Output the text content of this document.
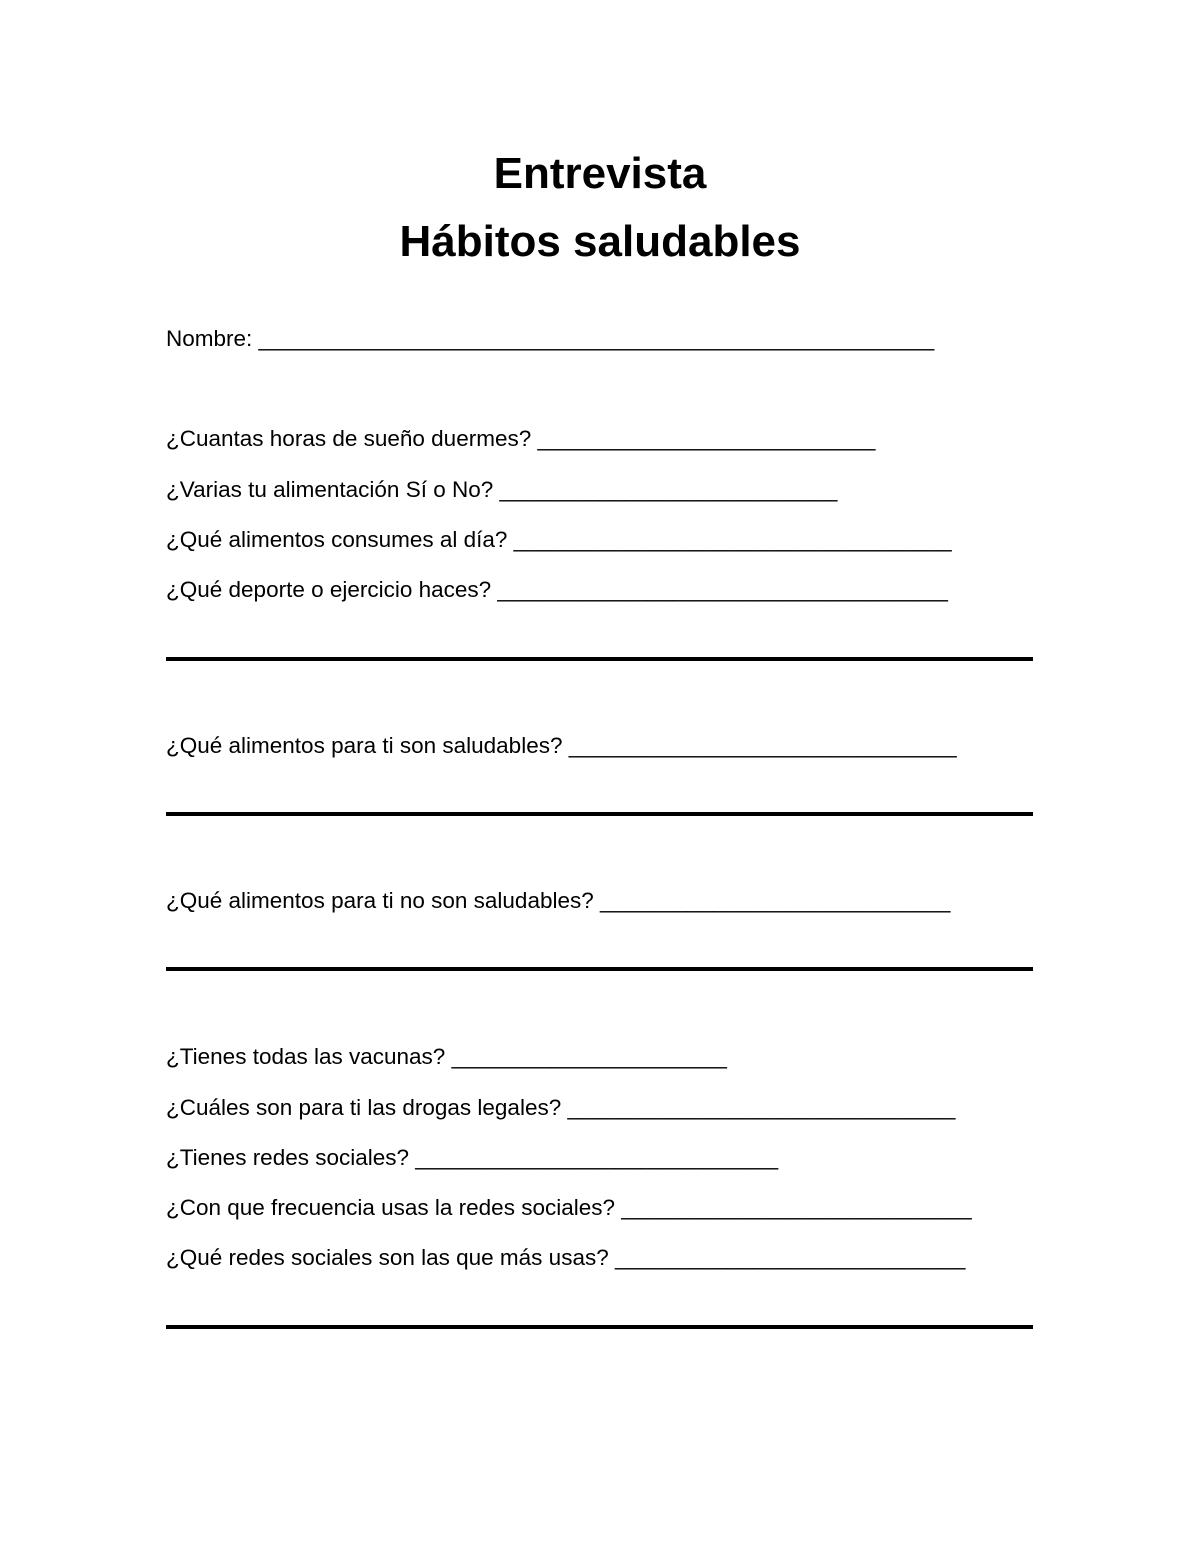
Entrevista
Hábitos saludables
Nombre: ______________________________________________________
¿Cuantas horas de sueño duermes? ___________________________
¿Varias tu alimentación Sí o No? ___________________________
¿Qué alimentos consumes al día? ___________________________________
¿Qué deporte o ejercicio haces? ____________________________________
¿Qué alimentos para ti son saludables? _______________________________
¿Qué alimentos para ti no son saludables? ____________________________
¿Tienes todas las vacunas? ______________________
¿Cuáles son para ti las drogas legales? _______________________________
¿Tienes redes sociales? _____________________________
¿Con que frecuencia usas la redes sociales? ____________________________
¿Qué redes sociales son las que más usas? ____________________________
